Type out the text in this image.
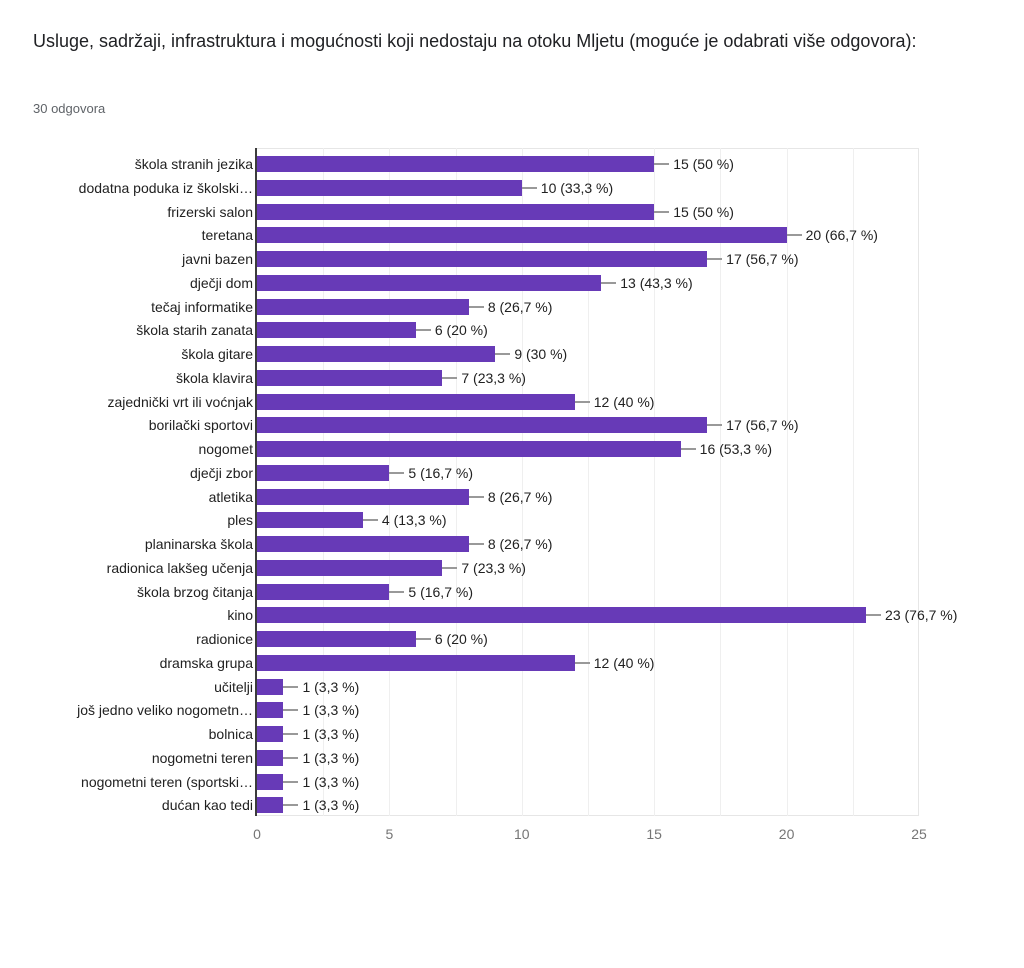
Usluge, sadržaji, infrastruktura i mogućnosti koji nedostaju na otoku Mljetu (moguće je odabrati više odgovora):
30 odgovora
15 (50 %)
10 (33,3 %)
15 (50 %)
20 (66,7 %)
17 (56,7 %)
13 (43,3 %)
8 (26,7 %)
6 (20 %)
9 (30 %)
7 (23,3 %)
12 (40 %)
17 (56,7 %)
16 (53,3 %)
5 (16,7 %)
8 (26,7 %)
4 (13,3 %)
8 (26,7 %)
7 (23,3 %)
5 (16,7 %)
23 (76,7 %)
6 (20 %)
12 (40 %)
1 (3,3 %)
1 (3,3 %)
1 (3,3 %)
1 (3,3 %)
1 (3,3 %)
1 (3,3 %)
škola stranih jezika
dodatna poduka iz školski…
frizerski salon
teretana
javni bazen
dječji dom
tečaj informatike
škola starih zanata
škola gitare
škola klavira
zajednički vrt ili voćnjak
borilački sportovi
nogomet
dječji zbor
atletika
ples
planinarska škola
radionica lakšeg učenja
škola brzog čitanja
kino
radionice
dramska grupa
učitelji
još jedno veliko nogometn…
bolnica
nogometni teren
nogometni teren (sportski…
dućan kao tedi
0	5	10	15	20	25
